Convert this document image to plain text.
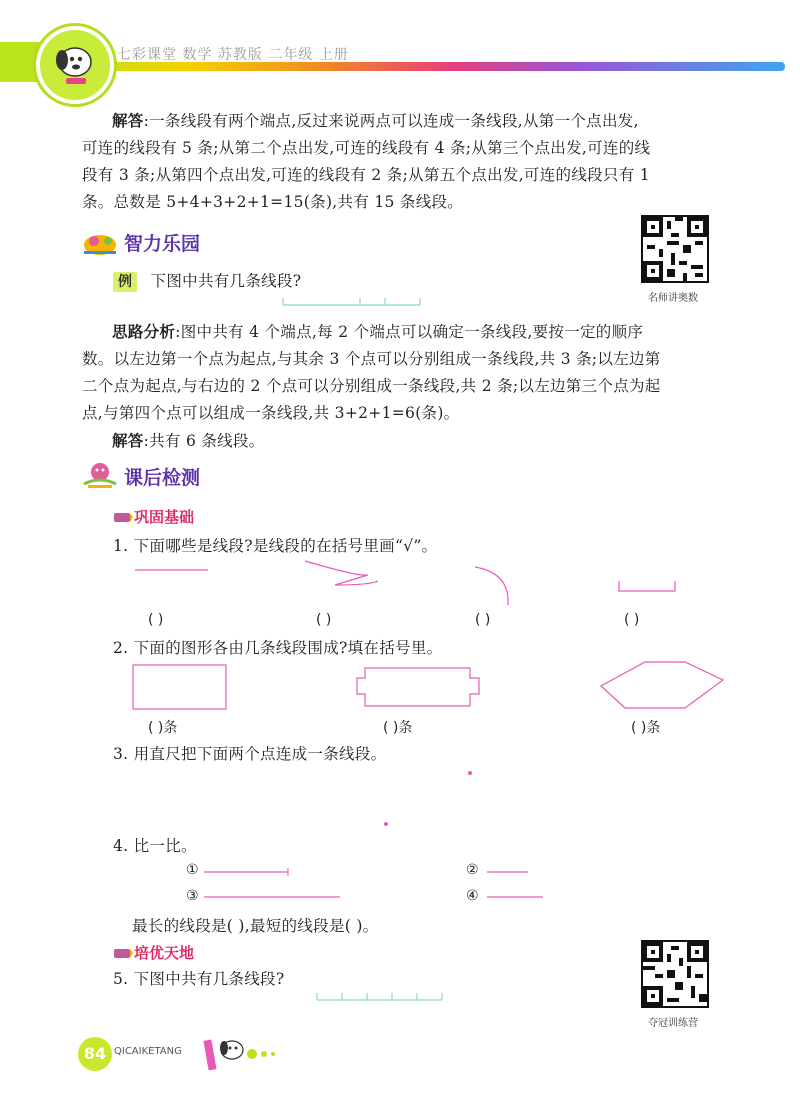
七彩课堂 数学 苏教版 二年级 上册
解答:一条线段有两个端点,反过来说两点可以连成一条线段,从第一个点出发,
可连的线段有 5 条;从第二个点出发,可连的线段有 4 条;从第三个点出发,可连的线
段有 3 条;从第四个点出发,可连的线段有 2 条;从第五个点出发,可连的线段只有 1
条。总数是 5+4+3+2+1=15(条),共有 15 条线段。
智力乐园
例 下图中共有几条线段?
名师讲奥数
思路分析:图中共有 4 个端点,每 2 个端点可以确定一条线段,要按一定的顺序
数。以左边第一个点为起点,与其余 3 个点可以分别组成一条线段,共 3 条;以左边第
二个点为起点,与右边的 2 个点可以分别组成一条线段,共 2 条;以左边第三个点为起
点,与第四个点可以组成一条线段,共 3+2+1=6(条)。
解答:共有 6 条线段。
课后检测
巩固基础
1. 下面哪些是线段?是线段的在括号里画“√”。
( )	( )	( )	( )
2. 下面的图形各由几条线段围成?填在括号里。
( )条	( )条	( )条
3. 用直尺把下面两个点连成一条线段。
4. 比一比。
①	②
③	④
最长的线段是( ),最短的线段是( )。
培优天地
5. 下图中共有几条线段?
夺冠训练营
84 QICAIKETANG
